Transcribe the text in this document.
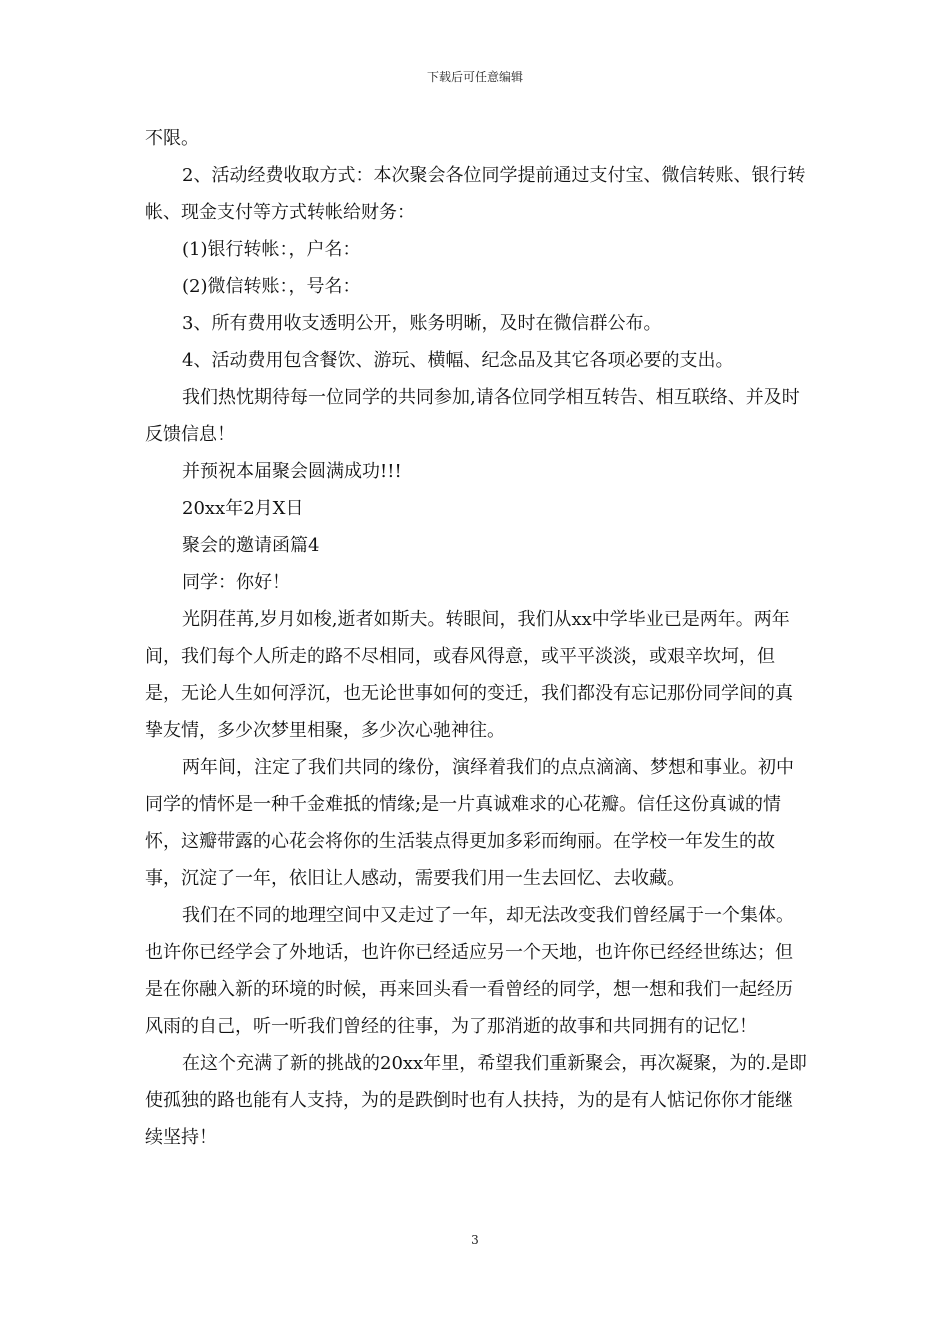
下载后可任意编辑

不限。

2、活动经费收取方式：本次聚会各位同学提前通过支付宝、微信转账、银行转帐、现金支付等方式转帐给财务：

(1)银行转帐：，户名：

(2)微信转账：，号名：

3、所有费用收支透明公开，账务明晰，及时在微信群公布。

4、活动费用包含餐饮、游玩、横幅、纪念品及其它各项必要的支出。

我们热忱期待每一位同学的共同参加,请各位同学相互转告、相互联络、并及时反馈信息！

并预祝本届聚会圆满成功!!!

20xx年2月X日

聚会的邀请函篇4

同学：你好！

光阴荏苒,岁月如梭,逝者如斯夫。转眼间，我们从xx中学毕业已是两年。两年间，我们每个人所走的路不尽相同，或春风得意，或平平淡淡，或艰辛坎坷，但是，无论人生如何浮沉，也无论世事如何的变迁，我们都没有忘记那份同学间的真挚友情，多少次梦里相聚，多少次心驰神往。

两年间，注定了我们共同的缘份，演绎着我们的点点滴滴、梦想和事业。初中同学的情怀是一种千金难抵的情缘;是一片真诚难求的心花瓣。信任这份真诚的情怀，这瓣带露的心花会将你的生活装点得更加多彩而绚丽。在学校一年发生的故事，沉淀了一年，依旧让人感动，需要我们用一生去回忆、去收藏。

我们在不同的地理空间中又走过了一年，却无法改变我们曾经属于一个集体。也许你已经学会了外地话，也许你已经适应另一个天地，也许你已经经世练达；但是在你融入新的环境的时候，再来回头看一看曾经的同学，想一想和我们一起经历风雨的自己，听一听我们曾经的往事，为了那消逝的故事和共同拥有的记忆！

在这个充满了新的挑战的20xx年里，希望我们重新聚会，再次凝聚，为的.是即使孤独的路也能有人支持，为的是跌倒时也有人扶持，为的是有人惦记你你才能继续坚持！

3
